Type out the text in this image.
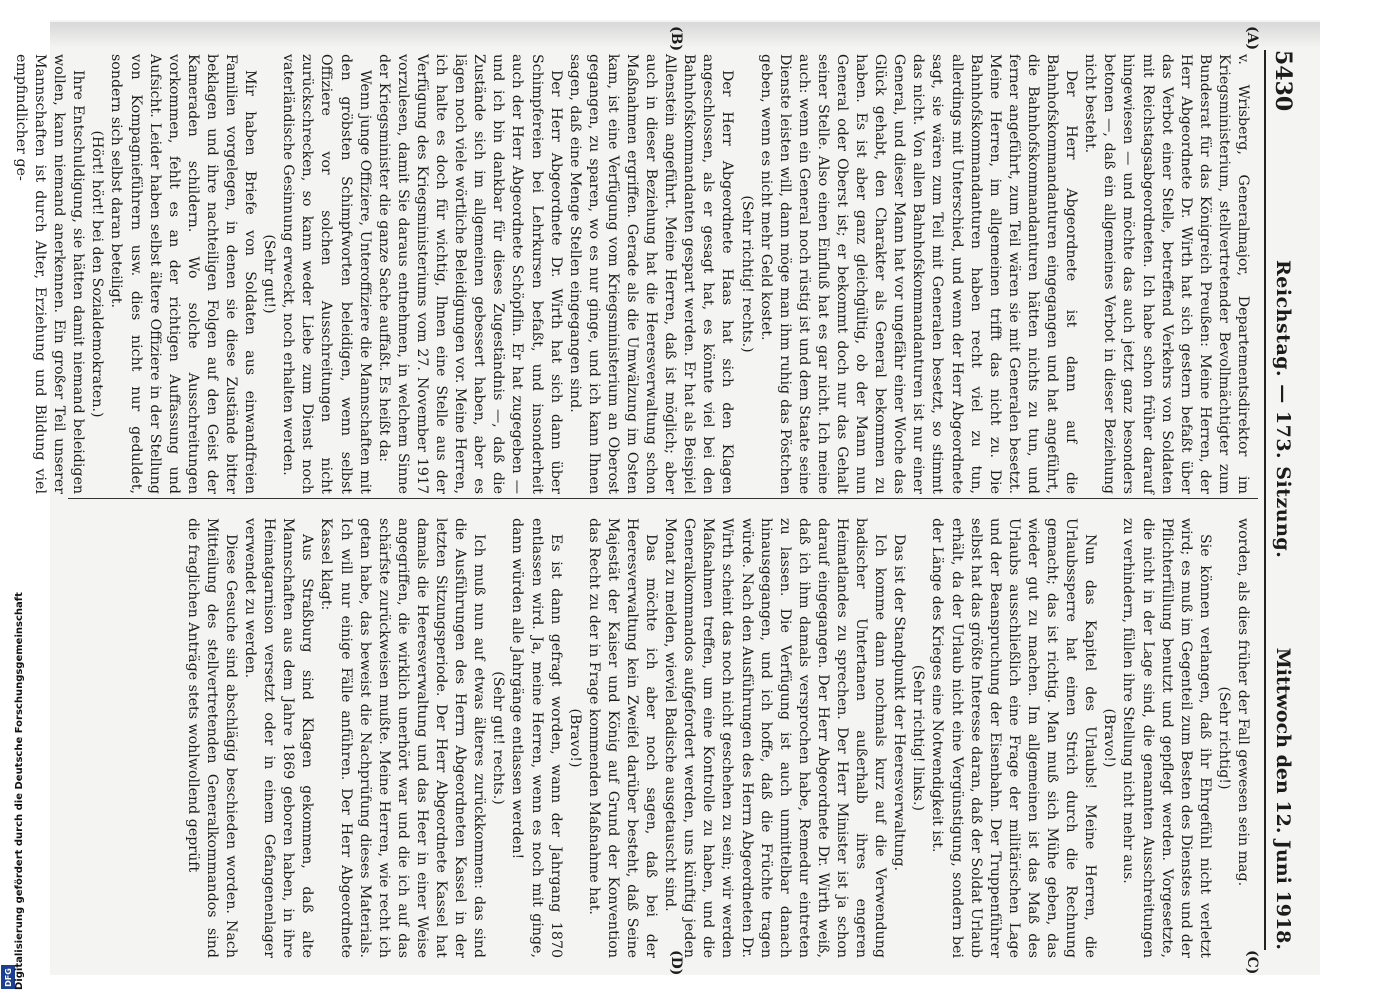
DFG Digitalisierung gefördert durch die Deutsche Forschungsgemeinschaft
5430
Reichstag. — 173. Sitzung.
Mittwoch den 12. Juni 1918.
(A)
(B)
(C)
(D)

v. Wrisberg, Generalmajor, Departementsdirektor im Kriegsministerium, stellvertretender Bevollmächtigter zum Bundesrat für das Königreich Preußen: Meine Herren, der Herr Abgeordnete Dr. Wirth hat sich gestern befaßt über das Verbot einer Stelle, betreffend Verkehrs von Soldaten mit Reichstagsabgeordneten. Ich habe schon früher darauf hingewiesen — und möchte das auch jetzt ganz besonders betonen —, daß ein allgemeines Verbot in dieser Beziehung nicht besteht.

Der Herr Abgeordnete ist dann auf die Bahnhofskommandanturen eingegangen und hat angeführt, die Bahnhofskommandanturen hätten nichts zu tun, und ferner angeführt, zum Teil wären sie mit Generalen besetzt. Meine Herren, im allgemeinen trifft das nicht zu. Die Bahnhofskommandanturen haben recht viel zu tun, allerdings mit Unterschied, und wenn der Herr Abgeordnete sagt, sie wären zum Teil mit Generalen besetzt, so stimmt das nicht. Von allen Bahnhofskommandanturen ist nur einer General, und dieser Mann hat vor ungefähr einer Woche das Glück gehabt, den Charakter als General bekommen zu haben. Es ist aber ganz gleichgültig, ob der Mann nun General oder Oberst ist; er bekommt doch nur das Gehalt seiner Stelle. Also einen Einfluß hat es gar nicht. Ich meine auch: wenn ein General noch rüstig ist und dem Staate seine Dienste leisten will, dann möge man ihm ruhig das Pöstchen geben, wenn es nicht mehr Geld kostet.

(Sehr richtig! rechts.)

Der Herr Abgeordnete Haas hat sich den Klagen angeschlossen, als er gesagt hat, es könnte viel bei den Bahnhofskommandanten gespart werden. Er hat als Beispiel Allenstein angeführt. Meine Herren, daß ist möglich; aber auch in dieser Beziehung hat die Heeresverwaltung schon Maßnahmen ergriffen. Gerade als die Umwälzung im Osten kam, ist eine Verfügung vom Kriegsministerium an Oberost gegangen, zu sparen, wo es nur ginge, und ich kann Ihnen sagen, daß eine Menge Stellen eingegangen sind.

Der Herr Abgeordnete Dr. Wirth hat sich dann über Schimpfereien bei Lehrkursen befaßt, und insonderheit auch der Herr Abgeordnete Schöpflin. Er hat zugegeben — und ich bin dankbar für dieses Zugeständnis —, daß die Zustände sich im allgemeinen gebessert haben, aber es lägen noch viele wörtliche Beleidigungen vor. Meine Herren, ich halte es doch für wichtig, Ihnen eine Stelle aus der Verfügung des Kriegsministeriums vom 27. November 1917 vorzulesen, damit Sie daraus entnehmen, in welchem Sinne der Kriegsminister die ganze Sache auffaßt. Es heißt da:

Wenn junge Offiziere, Unteroffiziere die Mannschaften mit den gröbsten Schimpfworten beleidigen, wenn selbst Offiziere vor solchen Ausschreitungen nicht zurückschrecken, so kann weder Liebe zum Dienst noch vaterländische Gesinnung erweckt, noch erhalten werden.

(Sehr gut!)

Mir haben Briefe von Soldaten aus einwandfreien Familien vorgelegen, in denen sie diese Zustände bitter beklagen und ihre nachteiligen Folgen auf den Geist der Kameraden schildern. Wo solche Ausschreitungen vorkommen, fehlt es an der richtigen Auffassung und Aufsicht. Leider haben selbst ältere Offiziere in der Stellung von Kompagnieführern usw. dies nicht nur geduldet, sondern sich selbst daran beteiligt.

(Hört! hört! bei den Sozialdemokraten.)

Ihre Entschuldigung, sie hätten damit niemand beleidigen wollen, kann niemand anerkennen. Ein großer Teil unserer Mannschaften ist durch Alter, Erziehung und Bildung viel empfindlicher ge-

worden, als dies früher der Fall gewesen sein mag.

(Sehr richtig!)

Sie können verlangen, daß ihr Ehrgefühl nicht verletzt wird; es muß im Gegenteil zum Besten des Dienstes und der Pflichterfüllung benutzt und gepflegt werden. Vorgesetzte, die nicht in der Lage sind, die genannten Ausschreitungen zu verhindern, füllen ihre Stellung nicht mehr aus.

(Bravo!)

Nun das Kapitel des Urlaubs! Meine Herren, die Urlaubssperre hat einen Strich durch die Rechnung gemacht; das ist richtig. Man muß sich Mühe geben, das wieder gut zu machen. Im allgemeinen ist das Maß des Urlaubs ausschließlich eine Frage der militärischen Lage und der Beanspruchung der Eisenbahn. Der Truppenführer selbst hat das größte Interesse daran, daß der Soldat Urlaub erhält, da der Urlaub nicht eine Vergünstigung, sondern bei der Länge des Krieges eine Notwendigkeit ist.

(Sehr richtig! links.)

Das ist der Standpunkt der Heeresverwaltung.

Ich komme dann nochmals kurz auf die Verwendung badischer Untertanen außerhalb ihres engeren Heimatlandes zu sprechen. Der Herr Minister ist ja schon darauf eingegangen. Der Herr Abgeordnete Dr. Wirth weiß, daß ich ihm damals versprochen habe, Remedur eintreten zu lassen. Die Verfügung ist auch unmittelbar danach hinausgegangen, und ich hoffe, daß die Früchte tragen würde. Nach den Ausführungen des Herrn Abgeordneten Dr. Wirth scheint das noch nicht geschehen zu sein; wir werden Maßnahmen treffen, um eine Kontrolle zu haben, und die Generalkommandos aufgefordert werden, uns künftig jeden Monat zu melden, wieviel Badische ausgetauscht sind.

Das möchte ich aber noch sagen, daß bei der Heeresverwaltung kein Zweifel darüber besteht, daß Seine Majestät der Kaiser und König auf Grund der Konvention das Recht zu der in Frage kommenden Maßnahme hat.

(Bravo!)

Es ist dann gefragt worden, wann der Jahrgang 1870 entlassen wird. Ja, meine Herren, wenn es noch mit ginge, dann würden alle Jahrgänge entlassen werden!

(Sehr gut! rechts.)

Ich muß nun auf etwas älteres zurückkommen: das sind die Ausführungen des Herrn Abgeordneten Kassel in der letzten Sitzungsperiode. Der Herr Abgeordnete Kassel hat damals die Heeresverwaltung und das Heer in einer Weise angegriffen, die wirklich unerhört war und die ich auf das schärfste zurückweisen mußte. Meine Herren, wie recht ich getan habe, das beweist die Nachprüfung dieses Materials. Ich will nur einige Fälle anführen. Der Herr Abgeordnete Kassel klagt:

Aus Straßburg sind Klagen gekommen, daß alte Mannschaften aus dem Jahre 1869 geboren haben, in ihre Heimatgarnison versetzt oder in einem Gefangenenlager verwendet zu werden.

Diese Gesuche sind abschlägig beschieden worden. Nach Mitteilung des stellvertretenden Generalkommandos sind die fraglichen Anträge stets wohlwollend geprüft
